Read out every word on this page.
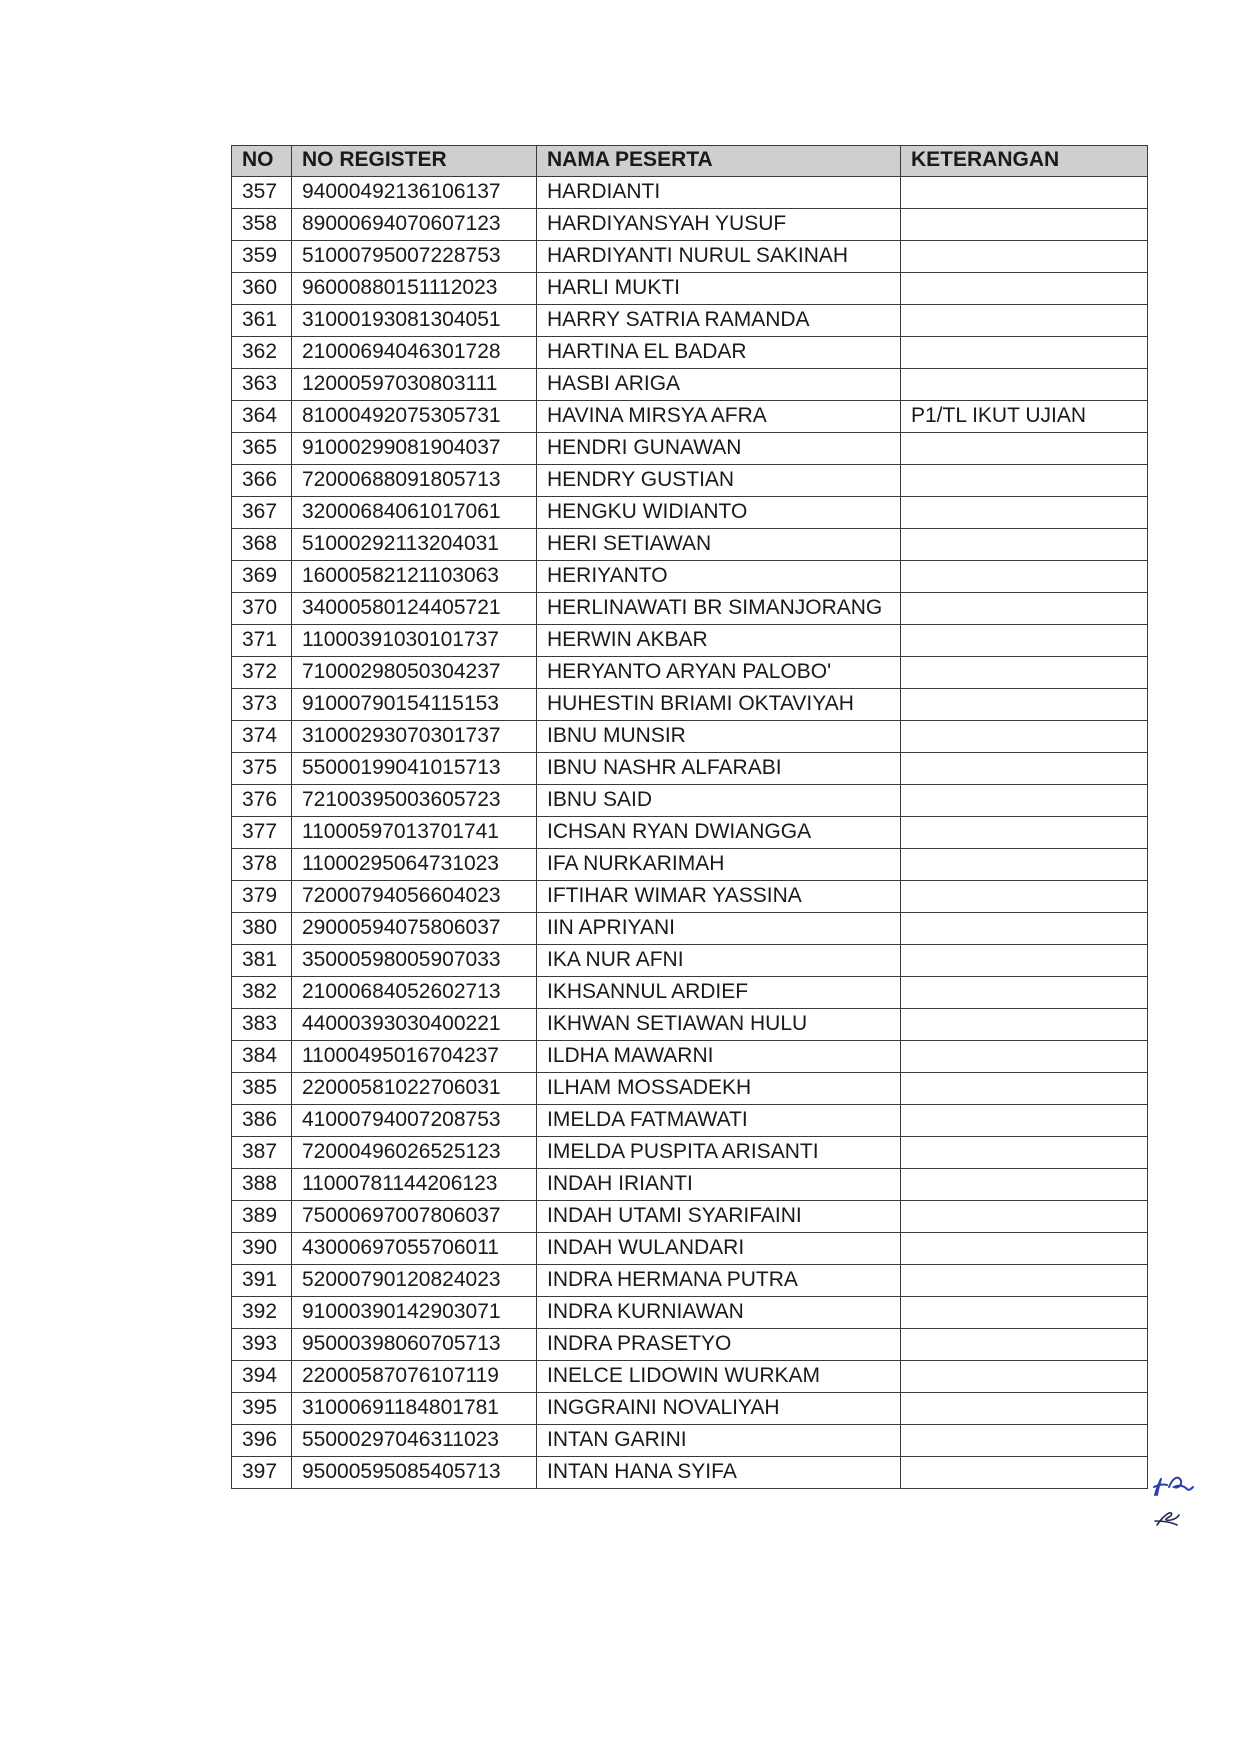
NO	NO REGISTER	NAMA PESERTA	KETERANGAN
357	94000492136106137	HARDIANTI	
358	89000694070607123	HARDIYANSYAH YUSUF	
359	51000795007228753	HARDIYANTI NURUL SAKINAH	
360	96000880151112023	HARLI MUKTI	
361	31000193081304051	HARRY SATRIA RAMANDA	
362	21000694046301728	HARTINA EL BADAR	
363	12000597030803111	HASBI ARIGA	
364	81000492075305731	HAVINA MIRSYA AFRA	P1/TL IKUT UJIAN
365	91000299081904037	HENDRI GUNAWAN	
366	72000688091805713	HENDRY GUSTIAN	
367	32000684061017061	HENGKU WIDIANTO	
368	51000292113204031	HERI SETIAWAN	
369	16000582121103063	HERIYANTO	
370	34000580124405721	HERLINAWATI BR SIMANJORANG	
371	11000391030101737	HERWIN AKBAR	
372	71000298050304237	HERYANTO ARYAN PALOBO'	
373	91000790154115153	HUHESTIN BRIAMI OKTAVIYAH	
374	31000293070301737	IBNU MUNSIR	
375	55000199041015713	IBNU NASHR ALFARABI	
376	72100395003605723	IBNU SAID	
377	11000597013701741	ICHSAN RYAN DWIANGGA	
378	11000295064731023	IFA NURKARIMAH	
379	72000794056604023	IFTIHAR WIMAR YASSINA	
380	29000594075806037	IIN APRIYANI	
381	35000598005907033	IKA NUR AFNI	
382	21000684052602713	IKHSANNUL ARDIEF	
383	44000393030400221	IKHWAN SETIAWAN HULU	
384	11000495016704237	ILDHA MAWARNI	
385	22000581022706031	ILHAM MOSSADEKH	
386	41000794007208753	IMELDA FATMAWATI	
387	72000496026525123	IMELDA PUSPITA ARISANTI	
388	11000781144206123	INDAH IRIANTI	
389	75000697007806037	INDAH UTAMI SYARIFAINI	
390	43000697055706011	INDAH WULANDARI	
391	52000790120824023	INDRA HERMANA PUTRA	
392	91000390142903071	INDRA KURNIAWAN	
393	95000398060705713	INDRA PRASETYO	
394	22000587076107119	INELCE LIDOWIN WURKAM	
395	31000691184801781	INGGRAINI NOVALIYAH	
396	55000297046311023	INTAN GARINI	
397	95000595085405713	INTAN HANA SYIFA	
